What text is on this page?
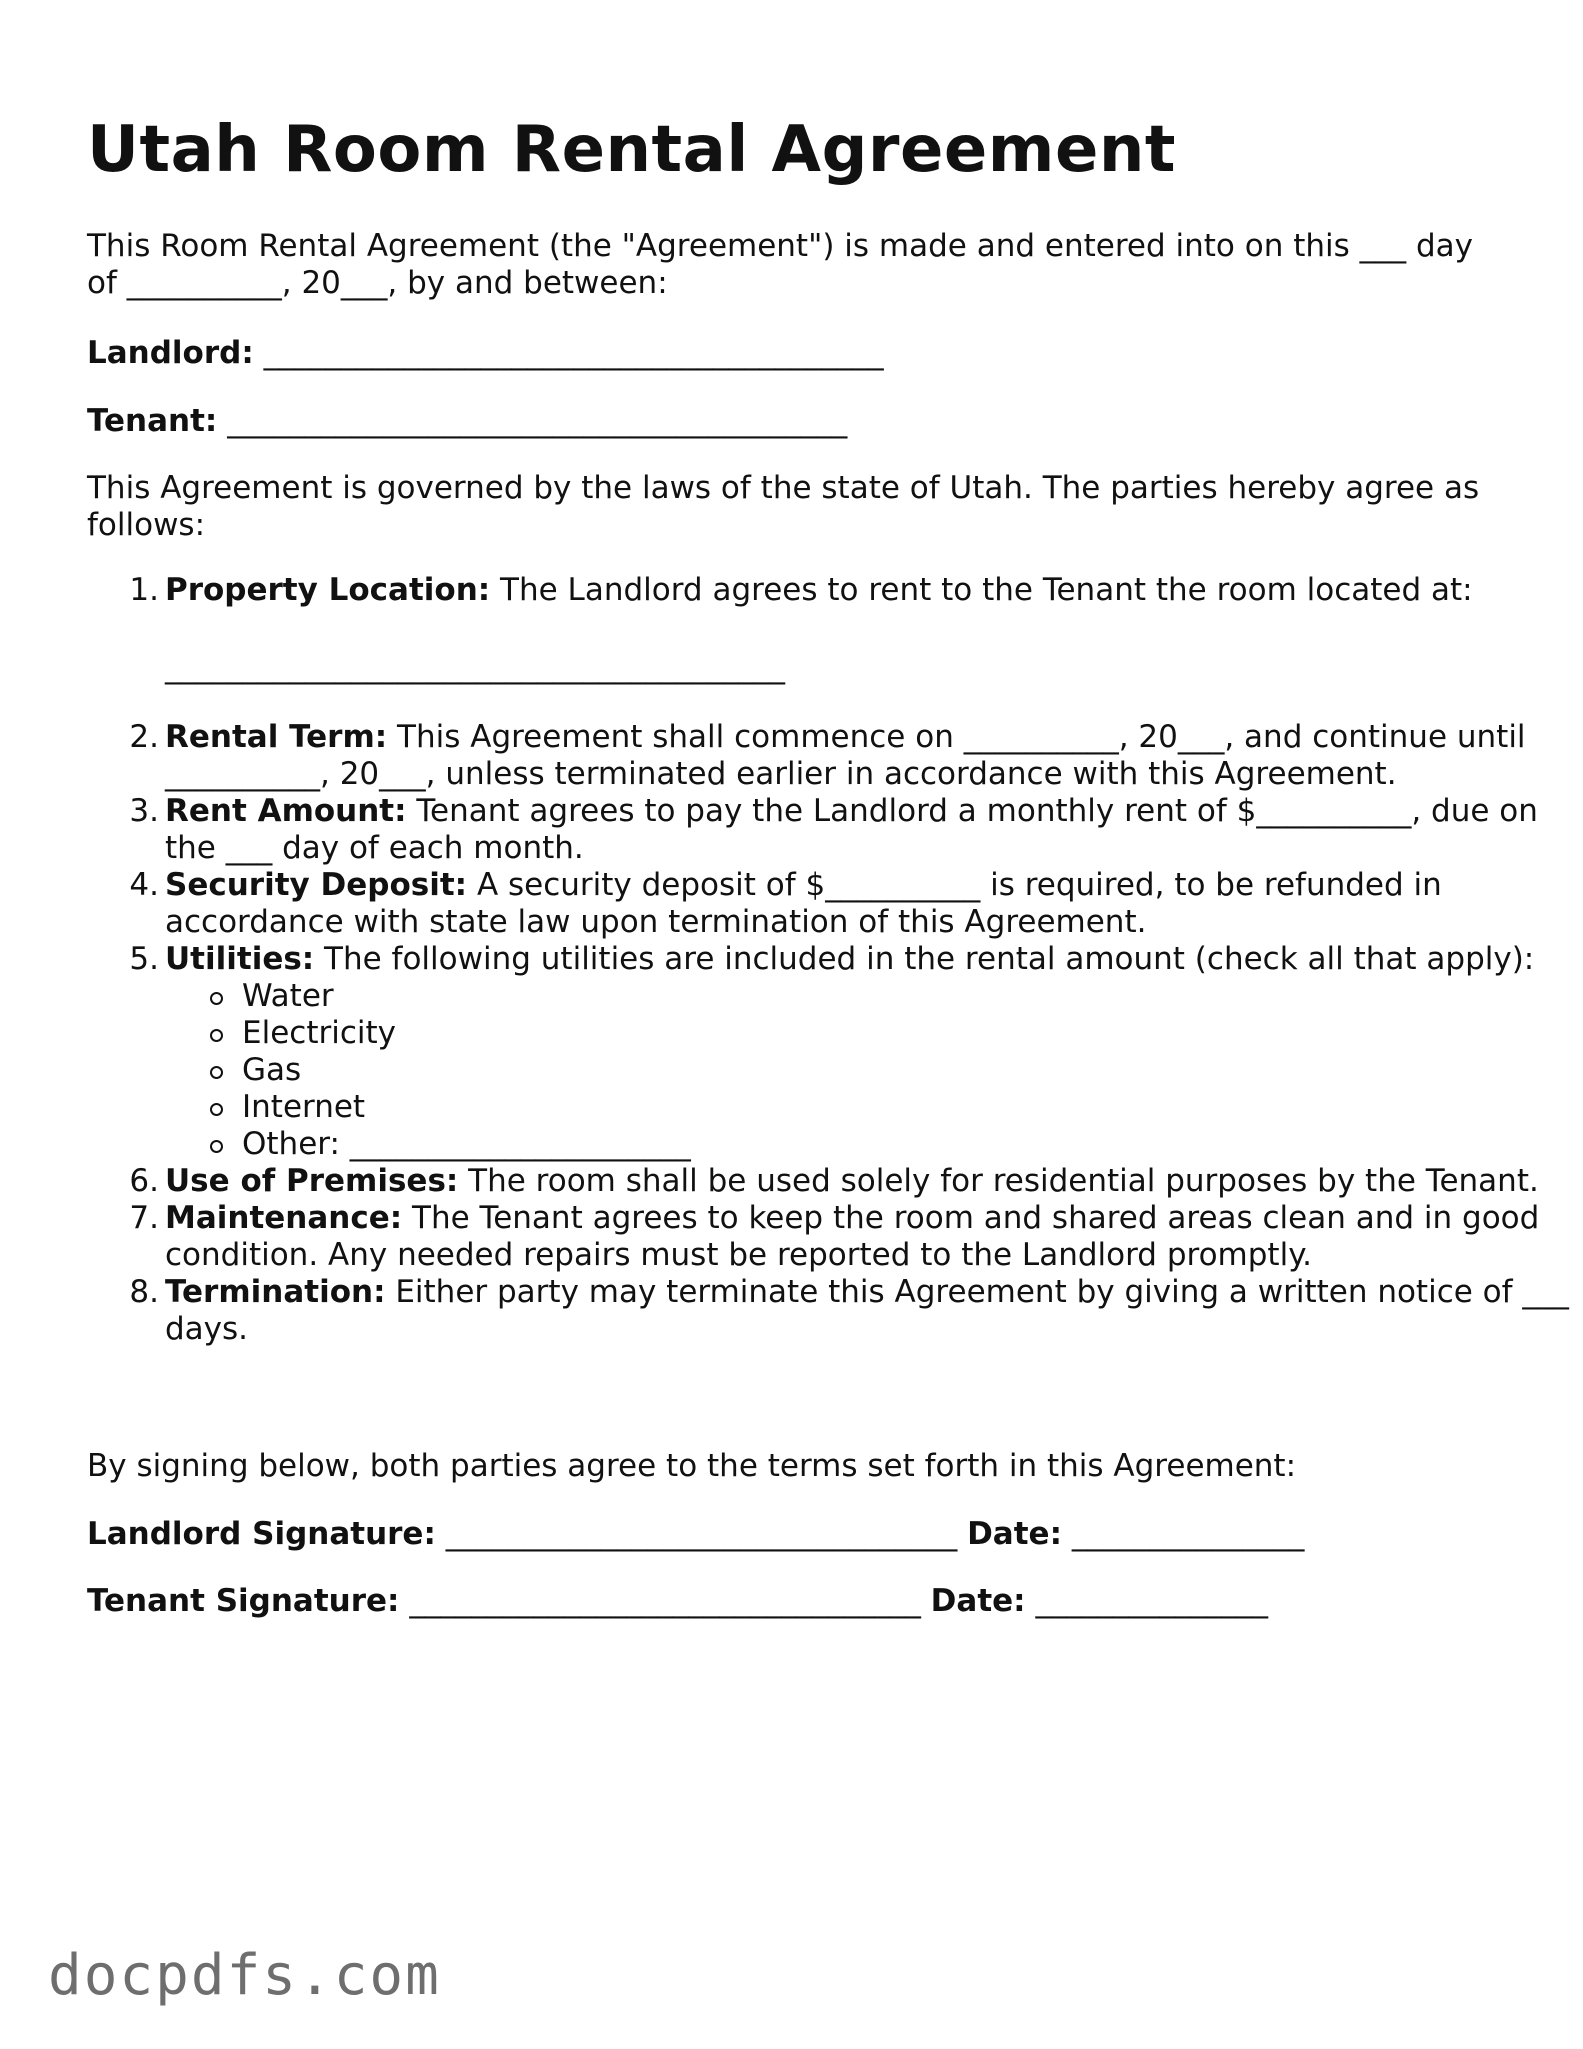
Utah Room Rental Agreement

This Room Rental Agreement (the "Agreement") is made and entered into on this ___ day of __________, 20___, by and between:

Landlord: ________________________________________

Tenant: ________________________________________

This Agreement is governed by the laws of the state of Utah. The parties hereby agree as follows:

Property Location: The Landlord agrees to rent to the Tenant the room located at:
________________________________________
Rental Term: This Agreement shall commence on __________, 20___, and continue until __________, 20___, unless terminated earlier in accordance with this Agreement.
Rent Amount: Tenant agrees to pay the Landlord a monthly rent of $__________, due on the ___ day of each month.
Security Deposit: A security deposit of $__________ is required, to be refunded in accordance with state law upon termination of this Agreement.
Utilities: The following utilities are included in the rental amount (check all that apply):
Water
Electricity
Gas
Internet
Other: ______________________
Use of Premises: The room shall be used solely for residential purposes by the Tenant.
Maintenance: The Tenant agrees to keep the room and shared areas clean and in good condition. Any needed repairs must be reported to the Landlord promptly.
Termination: Either party may terminate this Agreement by giving a written notice of ___ days.

By signing below, both parties agree to the terms set forth in this Agreement:

Landlord Signature: _________________________________ Date: _______________

Tenant Signature: _________________________________ Date: _______________

docpdfs.com
